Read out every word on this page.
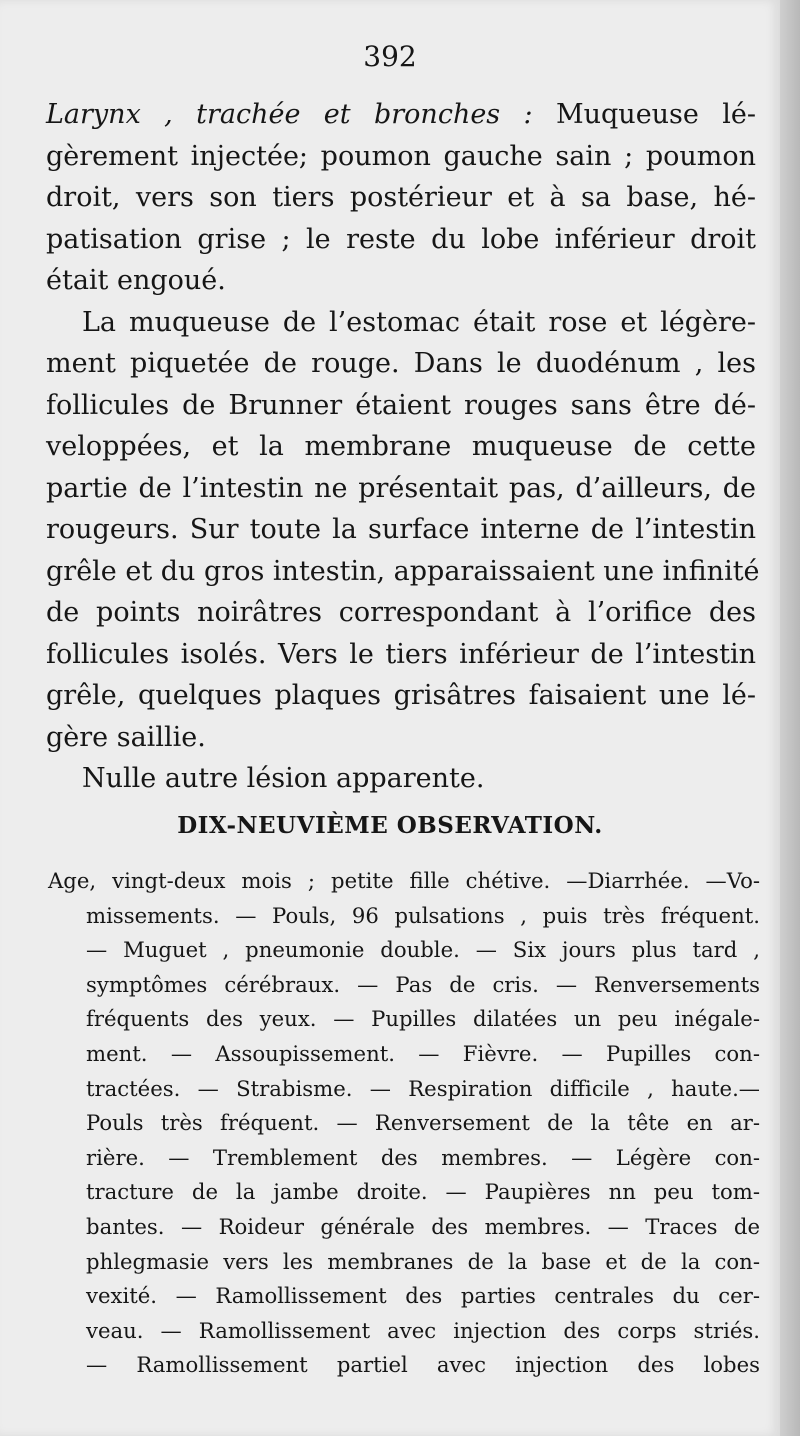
392
Larynx , trachée et bronches : Muqueuse lé-
gèrement injectée; poumon gauche sain ; poumon
droit, vers son tiers postérieur et à sa base, hé-
patisation grise ; le reste du lobe inférieur droit
était engoué.
La muqueuse de l’estomac était rose et légère-
ment piquetée de rouge. Dans le duodénum , les
follicules de Brunner étaient rouges sans être dé-
veloppées, et la membrane muqueuse de cette
partie de l’intestin ne présentait pas, d’ailleurs, de
rougeurs. Sur toute la surface interne de l’intestin
grêle et du gros intestin, apparaissaient une infinité
de points noirâtres correspondant à l’orifice des
follicules isolés. Vers le tiers inférieur de l’intestin
grêle, quelques plaques grisâtres faisaient une lé-
gère saillie.
Nulle autre lésion apparente.
DIX-NEUVIÈME OBSERVATION.
Age, vingt-deux mois ; petite fille chétive. —Diarrhée. —Vo-
missements. — Pouls, 96 pulsations , puis très fréquent.
— Muguet , pneumonie double. — Six jours plus tard ,
symptômes cérébraux. — Pas de cris. — Renversements
fréquents des yeux. — Pupilles dilatées un peu inégale-
ment. — Assoupissement. — Fièvre. — Pupilles con-
tractées. — Strabisme. — Respiration difficile , haute.—
Pouls très fréquent. — Renversement de la tête en ar-
rière. — Tremblement des membres. — Légère con-
tracture de la jambe droite. — Paupières nn peu tom-
bantes. — Roideur générale des membres. — Traces de
phlegmasie vers les membranes de la base et de la con-
vexité. — Ramollissement des parties centrales du cer-
veau. — Ramollissement avec injection des corps striés.
— Ramollissement partiel avec injection des lobes
